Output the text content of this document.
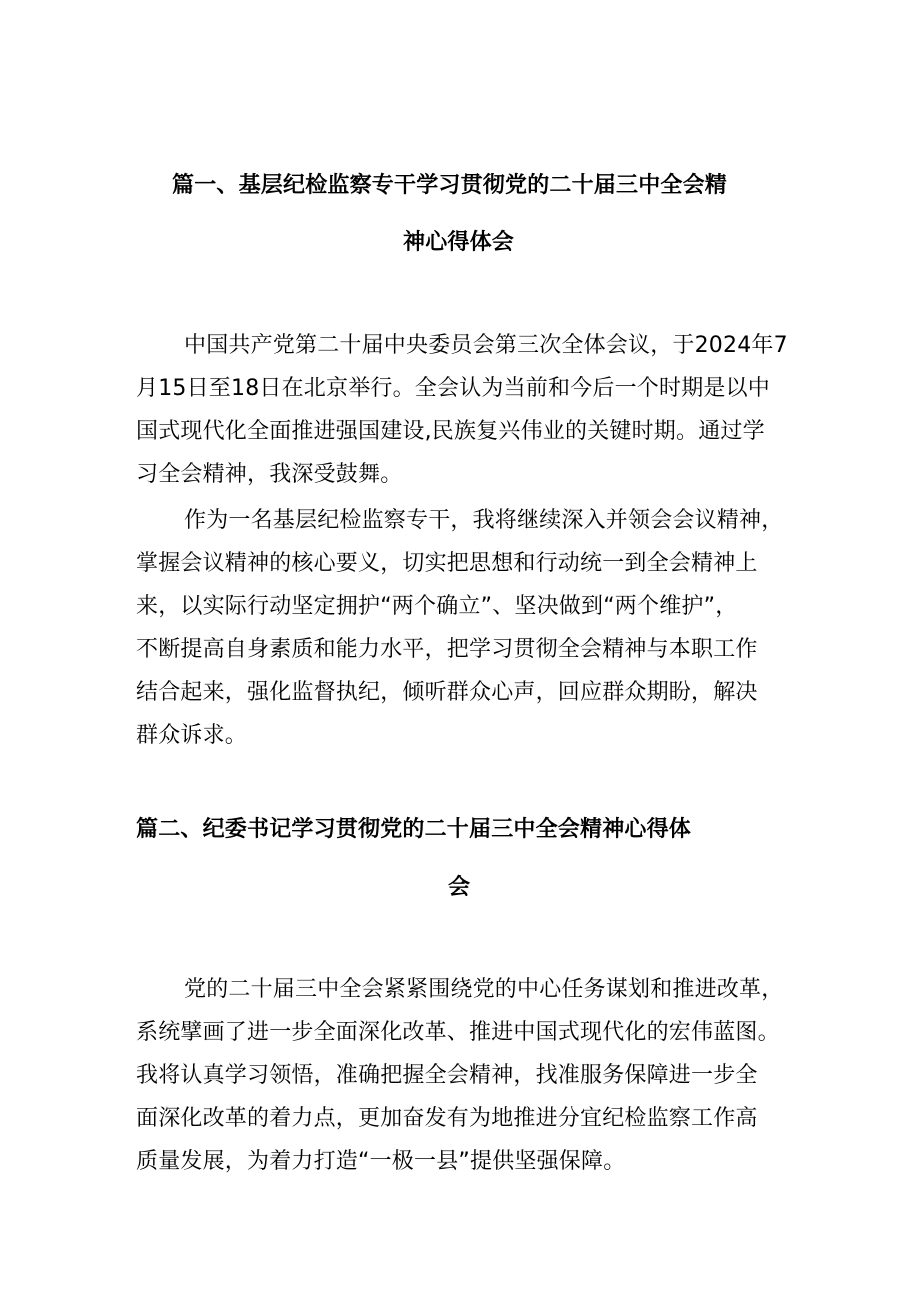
篇一、基层纪检监察专干学习贯彻党的二十届三中全会精

神心得体会

中国共产党第二十届中央委员会第三次全体会议，于2024年7

月15日至18日在北京举行。全会认为当前和今后一个时期是以中

国式现代化全面推进强国建设,民族复兴伟业的关键时期。通过学

习全会精神，我深受鼓舞。

作为一名基层纪检监察专干，我将继续深入并领会会议精神，

掌握会议精神的核心要义，切实把思想和行动统一到全会精神上

来，以实际行动坚定拥护“两个确立”、坚决做到“两个维护”，

不断提高自身素质和能力水平，把学习贯彻全会精神与本职工作

结合起来，强化监督执纪，倾听群众心声，回应群众期盼，解决

群众诉求。

篇二、纪委书记学习贯彻党的二十届三中全会精神心得体

会

党的二十届三中全会紧紧围绕党的中心任务谋划和推进改革，

系统擘画了进一步全面深化改革、推进中国式现代化的宏伟蓝图。

我将认真学习领悟，准确把握全会精神，找准服务保障进一步全

面深化改革的着力点，更加奋发有为地推进分宜纪检监察工作高

质量发展，为着力打造“一极一县”提供坚强保障。
